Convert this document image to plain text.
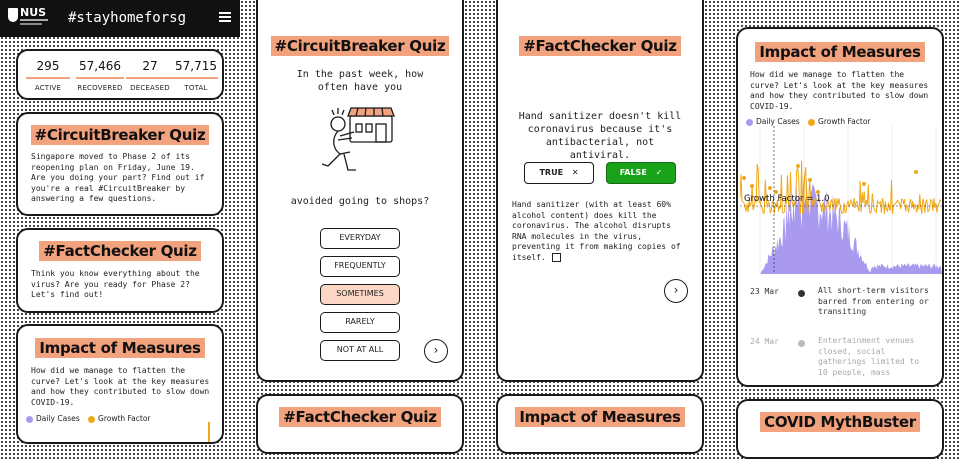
NUS #stayhomeforsg
295
ACTIVE
57,466
RECOVERED
27
DECEASED
57,715
TOTAL
#CircuitBreaker Quiz
Singapore moved to Phase 2 of its reopening plan on Friday, June 19. Are you doing your part? Find out if you're a real #CircuitBreaker by answering a few questions.
#FactChecker Quiz
Think you know everything about the virus? Are you ready for Phase 2? Let's find out!
Impact of Measures
How did we manage to flatten the curve? Let's look at the key measures and how they contributed to slow down COVID-19.
Daily Cases Growth Factor
#CircuitBreaker Quiz
In the past week, how often have you
avoided going to shops?
EVERYDAY
FREQUENTLY
SOMETIMES
RARELY
NOT AT ALL	›
#FactChecker Quiz
#FactChecker Quiz
Hand sanitizer doesn't kill coronavirus because it's antibacterial, not antiviral.
TRUE ✕	FALSE ✓
Hand sanitizer (with at least 60% alcohol content) does kill the coronavirus. The alcohol disrupts RNA molecules in the virus, preventing it from making copies of itself.
›
Impact of Measures
Impact of Measures
How did we manage to flatten the curve? Let's look at the key measures and how they contributed to slow down COVID-19.
Daily Cases Growth Factor
Growth Factor = 1.0
23 Mar	All short-term visitors barred from entering or transiting
24 Mar	Entertainment venues closed, social gatherings limited to 10 people, mass
COVID MythBuster
